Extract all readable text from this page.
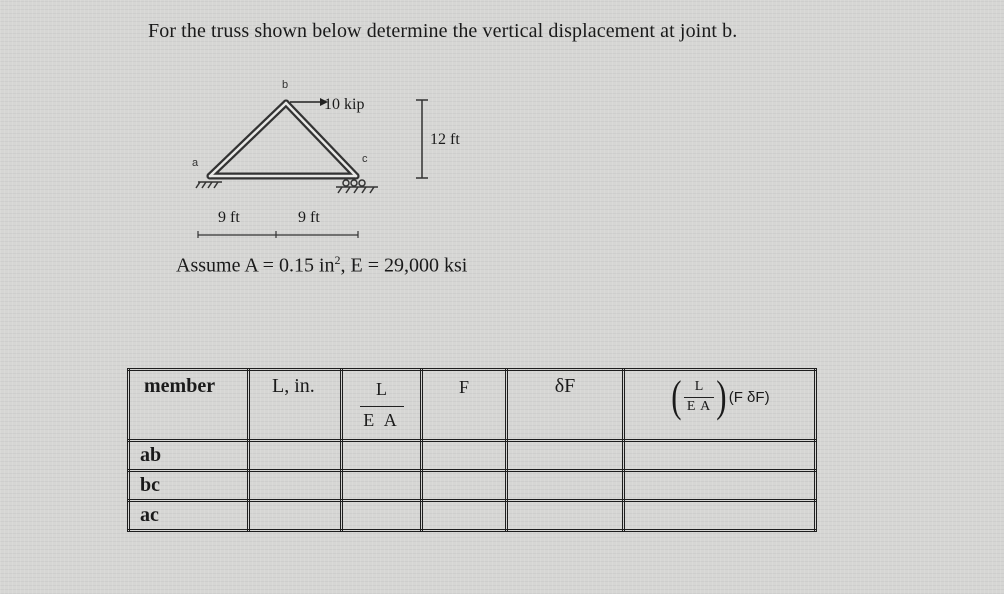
For the truss shown below determine the vertical displacement at joint b.
a
b
c
10 kip
12 ft
9 ft	9 ft
Assume A = 0.15 $in^2$, E = 29,000 ksi
member	L, in.	$\frac{L}{\text{E A}}$	F	δF	( $\frac{L}{\text{E A}}$ ) (F δF)

ab					
bc					
ac					
